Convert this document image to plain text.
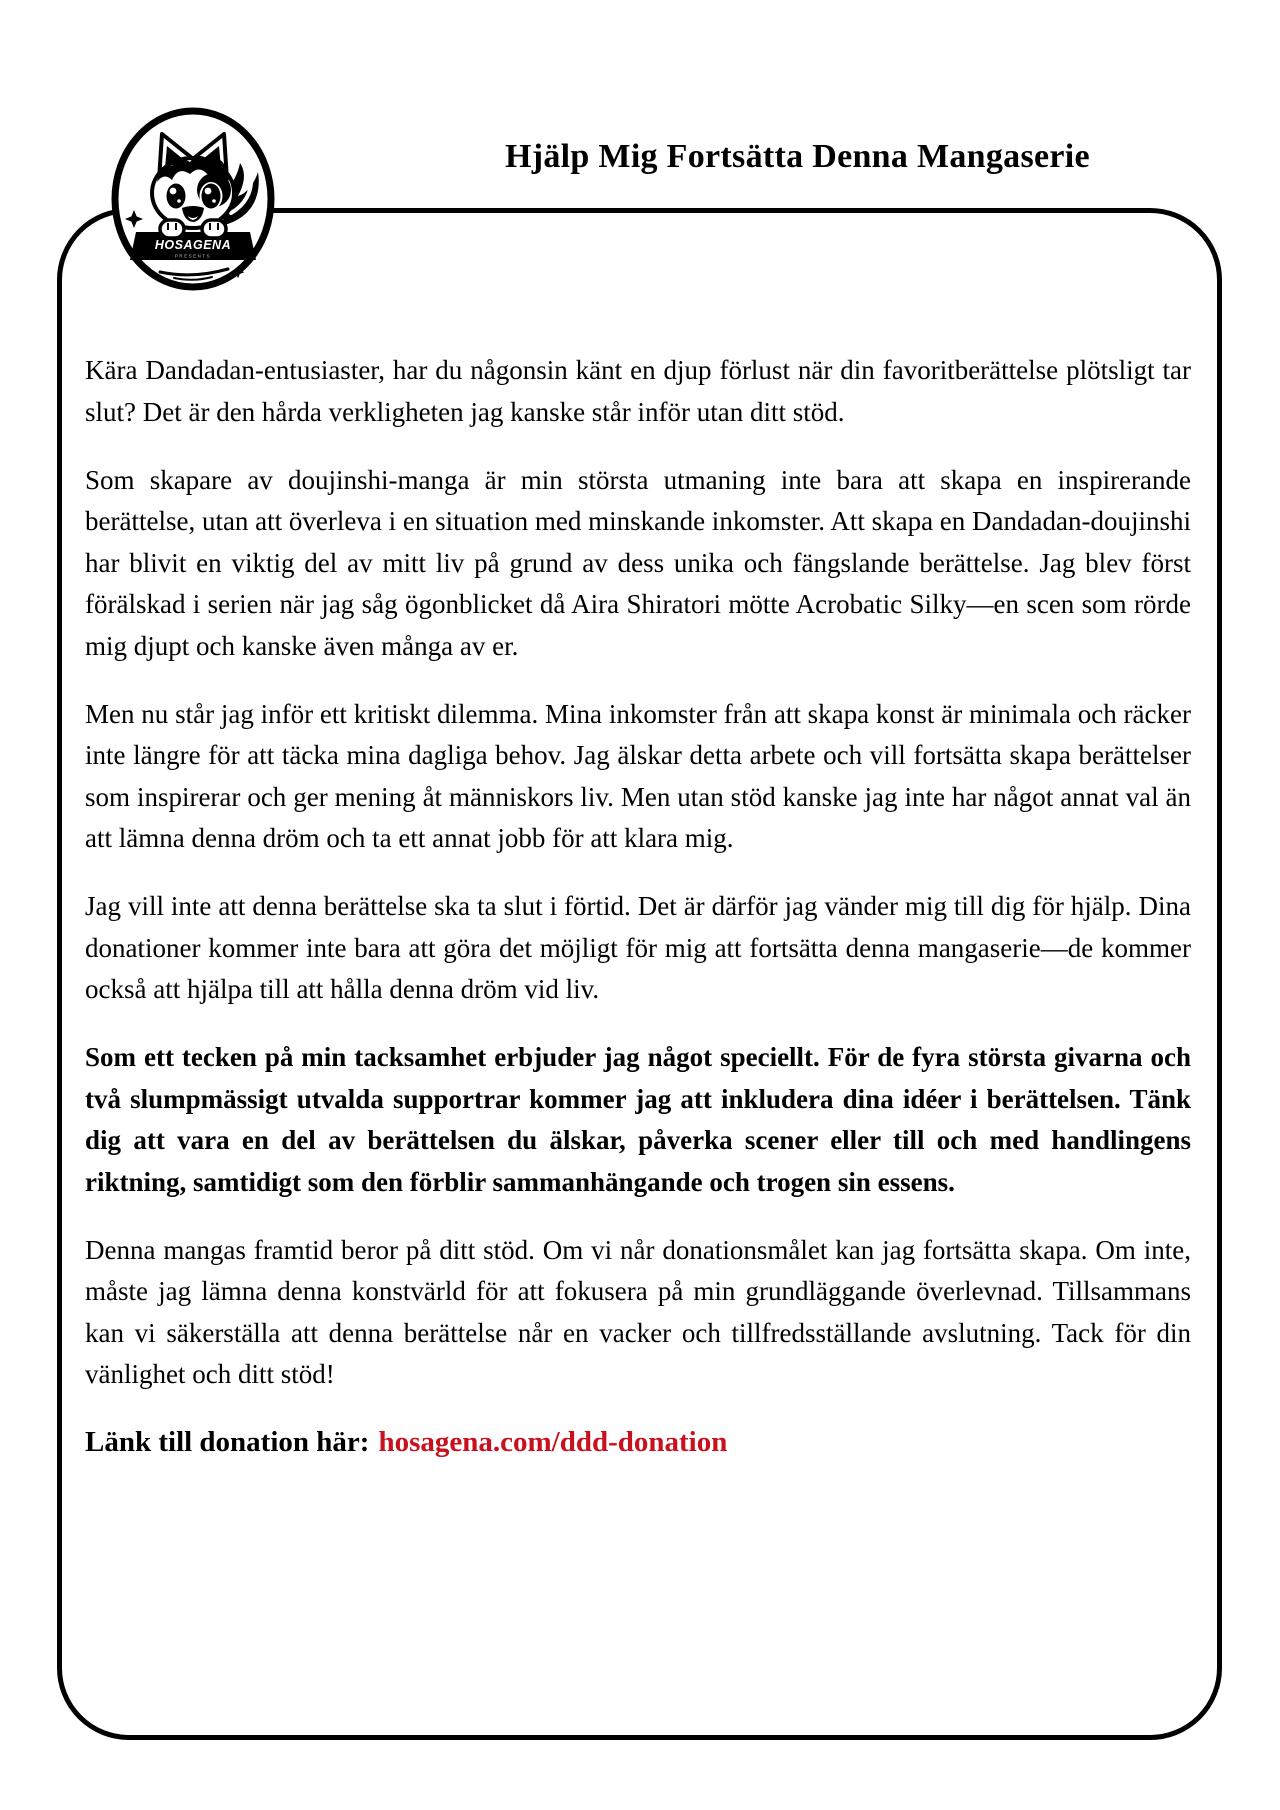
HOSAGENA
PRESENTS
Hjälp Mig Fortsätta Denna Mangaserie

Kära Dandadan-entusiaster, har du någonsin känt en djup förlust när din favoritberättelse plötsligt tar slut? Det är den hårda verkligheten jag kanske står inför utan ditt stöd.

Som skapare av doujinshi-manga är min största utmaning inte bara att skapa en inspirerande berättelse, utan att överleva i en situation med minskande inkomster. Att skapa en Dandadan-doujinshi har blivit en viktig del av mitt liv på grund av dess unika och fängslande berättelse. Jag blev först förälskad i serien när jag såg ögonblicket då Aira Shiratori mötte Acrobatic Silky—en scen som rörde mig djupt och kanske även många av er.

Men nu står jag inför ett kritiskt dilemma. Mina inkomster från att skapa konst är minimala och räcker inte längre för att täcka mina dagliga behov. Jag älskar detta arbete och vill fortsätta skapa berättelser som inspirerar och ger mening åt människors liv. Men utan stöd kanske jag inte har något annat val än att lämna denna dröm och ta ett annat jobb för att klara mig.

Jag vill inte att denna berättelse ska ta slut i förtid. Det är därför jag vänder mig till dig för hjälp. Dina donationer kommer inte bara att göra det möjligt för mig att fortsätta denna mangaserie—de kommer också att hjälpa till att hålla denna dröm vid liv.

Som ett tecken på min tacksamhet erbjuder jag något speciellt. För de fyra största givarna och två slumpmässigt utvalda supportrar kommer jag att inkludera dina idéer i berättelsen. Tänk dig att vara en del av berättelsen du älskar, påverka scener eller till och med handlingens riktning, samtidigt som den förblir sammanhängande och trogen sin essens.

Denna mangas framtid beror på ditt stöd. Om vi når donationsmålet kan jag fortsätta skapa. Om inte, måste jag lämna denna konstvärld för att fokusera på min grundläggande överlevnad. Tillsammans kan vi säkerställa att denna berättelse når en vacker och tillfredsställande avslutning. Tack för din vänlighet och ditt stöd!

Länk till donation här: hosagena.com/ddd-donation
